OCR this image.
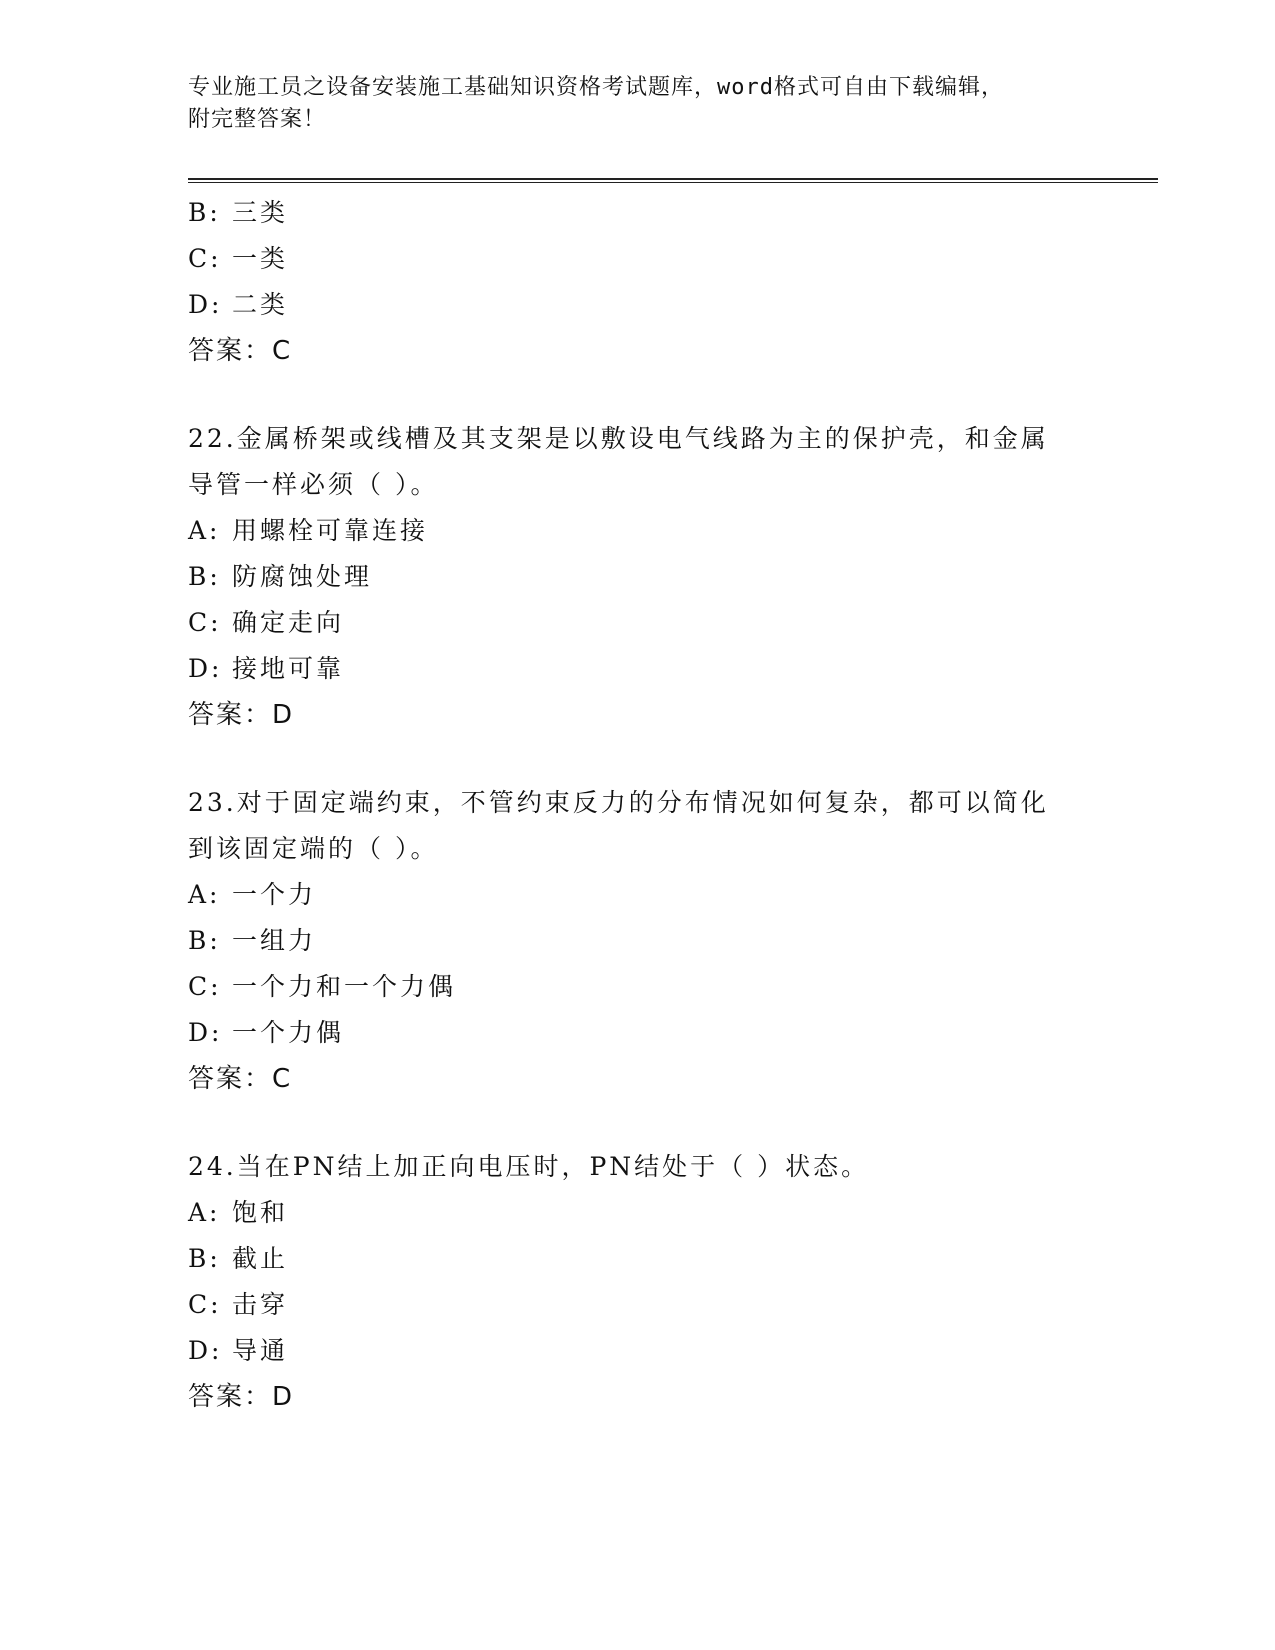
专业施工员之设备安装施工基础知识资格考试题库，word格式可自由下载编辑，
附完整答案！
B: 三类
C: 一类
D: 二类
答案：C
22.金属桥架或线槽及其支架是以敷设电气线路为主的保护壳，和金属
导管一样必须（ ）。
A: 用螺栓可靠连接
B: 防腐蚀处理
C: 确定走向
D: 接地可靠
答案：D
23.对于固定端约束，不管约束反力的分布情况如何复杂，都可以简化
到该固定端的（ ）。
A: 一个力
B: 一组力
C: 一个力和一个力偶
D: 一个力偶
答案：C
24.当在PN结上加正向电压时，PN结处于（ ）状态。
A: 饱和
B: 截止
C: 击穿
D: 导通
答案：D
